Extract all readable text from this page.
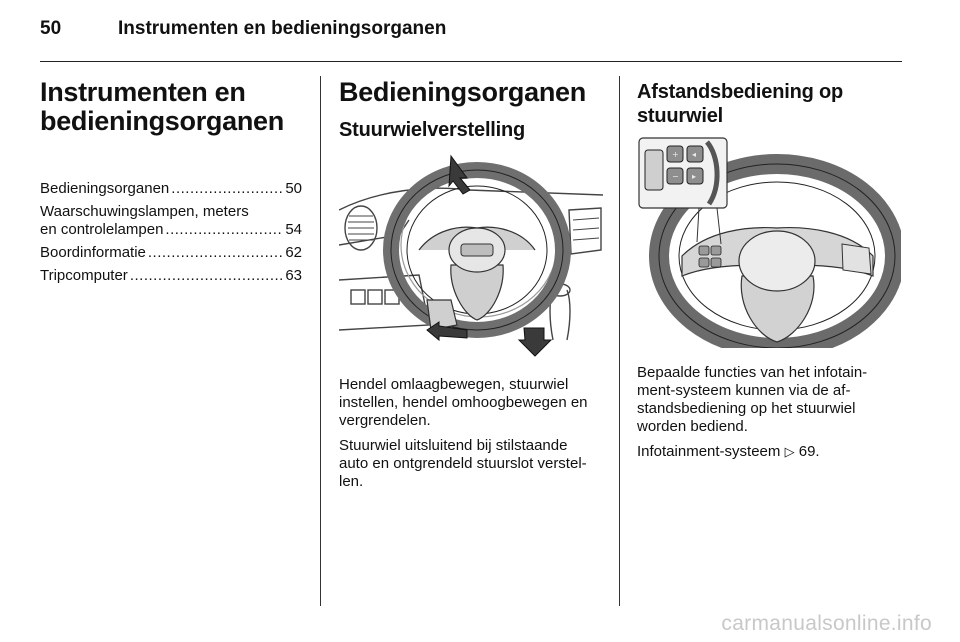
50	Instrumenten en bedieningsorganen
Instrumenten en
bedieningsorganen
Bedieningsorganen .....	50
Waarschuwingslampen, meters
en controlelampen .....	54
Boordinformatie .....	62
Tripcomputer .....	63
Bedieningsorganen
Stuurwielverstelling

Hendel omlaagbewegen, stuurwiel
instellen, hendel omhoogbewegen en
vergrendelen.

Stuurwiel uitsluitend bij stilstaande
auto en ontgrendeld stuurslot verstel-
len.

Afstandsbediening op
stuurwiel
+ ◂
− ▸

Bepaalde functies van het infotain-
ment-systeem kunnen via de af-
standsbediening op het stuurwiel
worden bediend.

Infotainment-systeem ▷ 69.

carmanualsonline.info
